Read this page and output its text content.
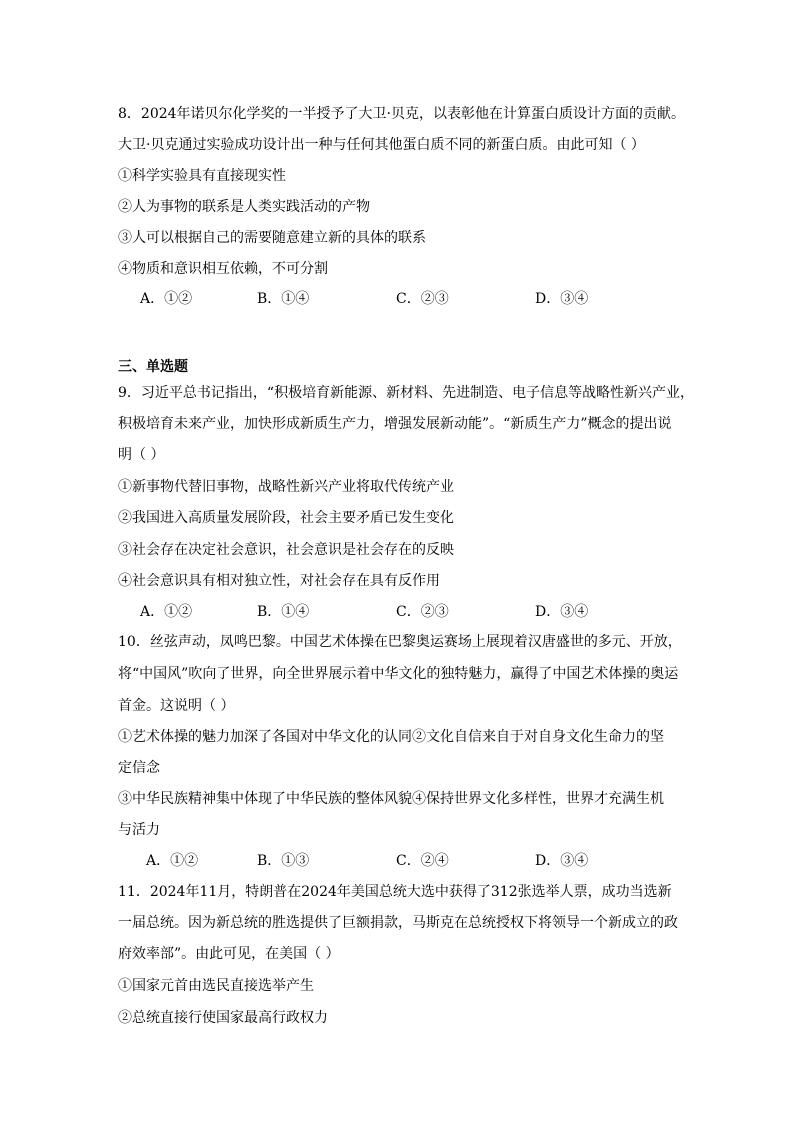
8．2024年诺贝尔化学奖的一半授予了大卫·贝克，以表彰他在计算蛋白质设计方面的贡献。
大卫·贝克通过实验成功设计出一种与任何其他蛋白质不同的新蛋白质。由此可知（ ）
①科学实验具有直接现实性
②人为事物的联系是人类实践活动的产物
③人可以根据自己的需要随意建立新的具体的联系
④物质和意识相互依赖，不可分割
A．①②	B．①④	C．②③	D．③④
三、单选题
9．习近平总书记指出，“积极培育新能源、新材料、先进制造、电子信息等战略性新兴产业，
积极培育未来产业，加快形成新质生产力，增强发展新动能”。“新质生产力”概念的提出说
明（ ）
①新事物代替旧事物，战略性新兴产业将取代传统产业
②我国进入高质量发展阶段，社会主要矛盾已发生变化
③社会存在决定社会意识，社会意识是社会存在的反映
④社会意识具有相对独立性，对社会存在具有反作用
A．①②	B．①④	C．②③	D．③④
10．丝弦声动，凤鸣巴黎。中国艺术体操在巴黎奥运赛场上展现着汉唐盛世的多元、开放，
将“中国风”吹向了世界，向全世界展示着中华文化的独特魅力，赢得了中国艺术体操的奥运
首金。这说明（ ）
①艺术体操的魅力加深了各国对中华文化的认同②文化自信来自于对自身文化生命力的坚
定信念
③中华民族精神集中体现了中华民族的整体风貌④保持世界文化多样性，世界才充满生机
与活力
A．①②	B．①③	C．②④	D．③④
11．2024年11月，特朗普在2024年美国总统大选中获得了312张选举人票，成功当选新
一届总统。因为新总统的胜选提供了巨额捐款，马斯克在总统授权下将领导一个新成立的政
府效率部”。由此可见，在美国（ ）
①国家元首由选民直接选举产生
②总统直接行使国家最高行政权力
